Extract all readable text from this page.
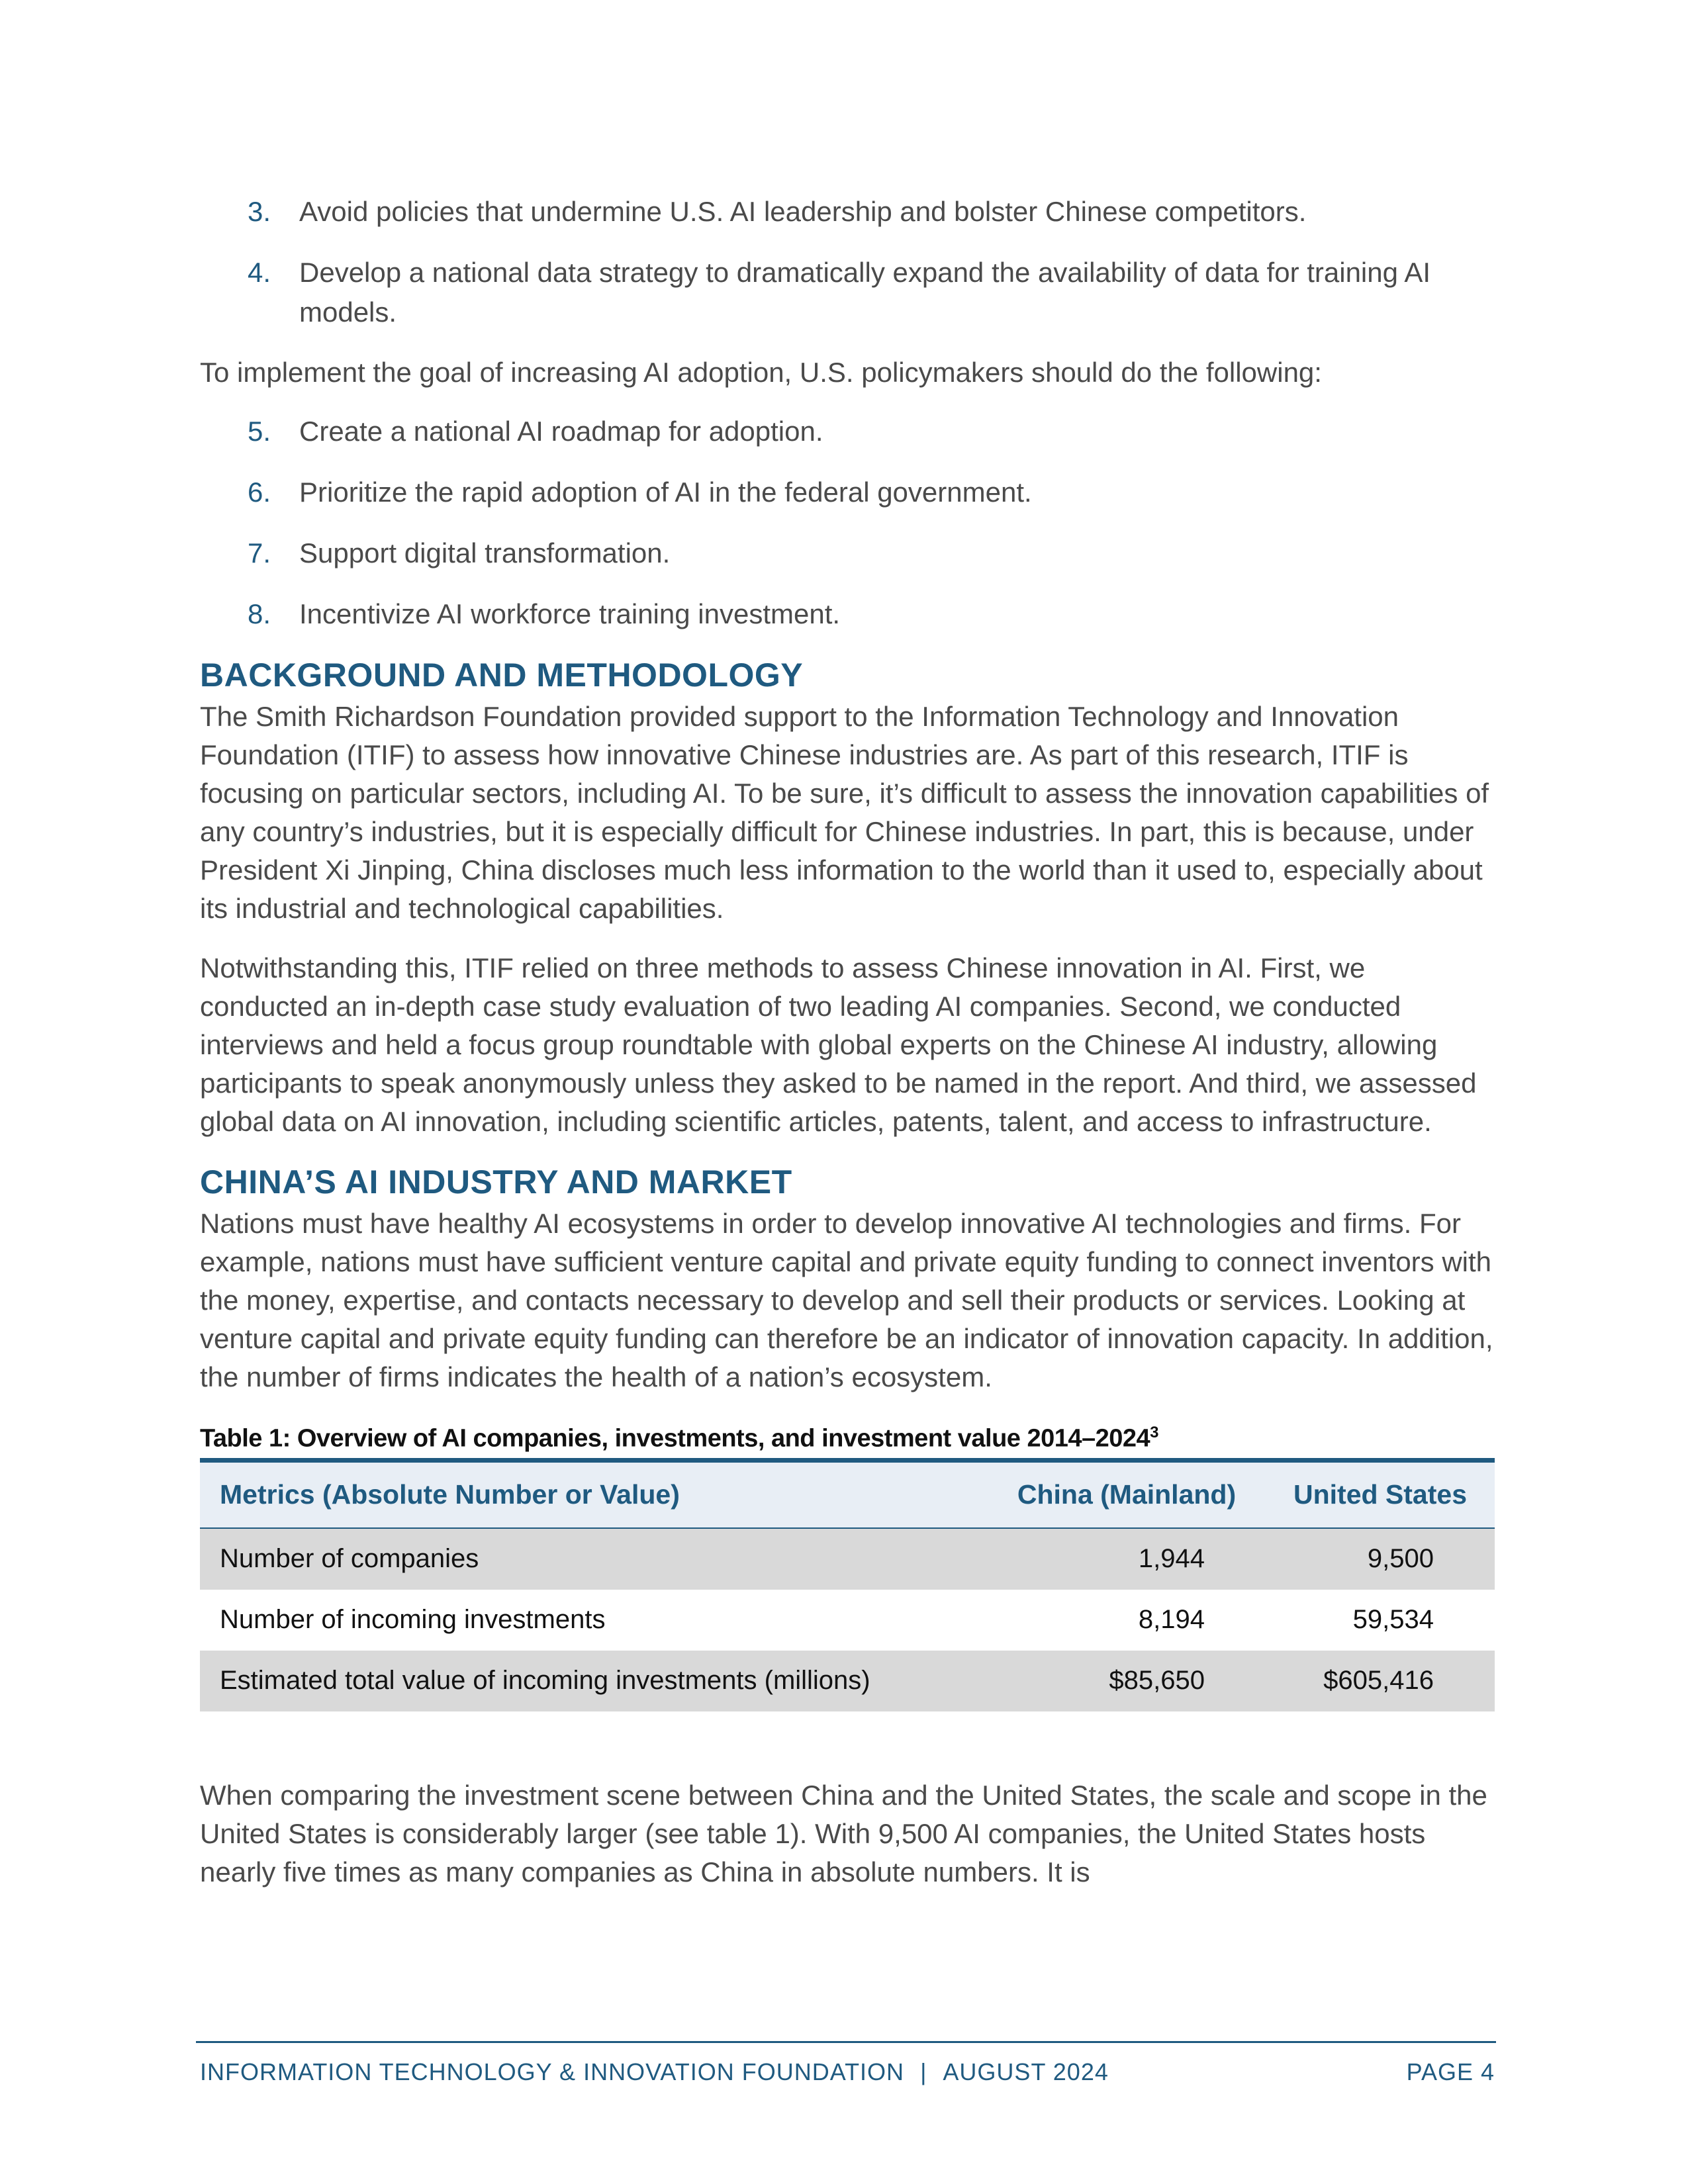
3. Avoid policies that undermine U.S. AI leadership and bolster Chinese competitors.
4. Develop a national data strategy to dramatically expand the availability of data for training AI models.

To implement the goal of increasing AI adoption, U.S. policymakers should do the following:

5. Create a national AI roadmap for adoption.
6. Prioritize the rapid adoption of AI in the federal government.
7. Support digital transformation.
8. Incentivize AI workforce training investment.
BACKGROUND AND METHODOLOGY

The Smith Richardson Foundation provided support to the Information Technology and Innovation Foundation (ITIF) to assess how innovative Chinese industries are. As part of this research, ITIF is focusing on particular sectors, including AI. To be sure, it’s difficult to assess the innovation capabilities of any country’s industries, but it is especially difficult for Chinese industries. In part, this is because, under President Xi Jinping, China discloses much less information to the world than it used to, especially about its industrial and technological capabilities.

Notwithstanding this, ITIF relied on three methods to assess Chinese innovation in AI. First, we conducted an in-depth case study evaluation of two leading AI companies. Second, we conducted interviews and held a focus group roundtable with global experts on the Chinese AI industry, allowing participants to speak anonymously unless they asked to be named in the report. And third, we assessed global data on AI innovation, including scientific articles, patents, talent, and access to infrastructure.

CHINA’S AI INDUSTRY AND MARKET

Nations must have healthy AI ecosystems in order to develop innovative AI technologies and firms. For example, nations must have sufficient venture capital and private equity funding to connect inventors with the money, expertise, and contacts necessary to develop and sell their products or services. Looking at venture capital and private equity funding can therefore be an indicator of innovation capacity. In addition, the number of firms indicates the health of a nation’s ecosystem.

Table 1: Overview of AI companies, investments, and investment value 2014–2024$^3$
Metrics (Absolute Number or Value)	China (Mainland)	United States
Number of companies	1,944	9,500
Number of incoming investments	8,194	59,534
Estimated total value of incoming investments (millions)	$85,650	$605,416

When comparing the investment scene between China and the United States, the scale and scope in the United States is considerably larger (see table 1). With 9,500 AI companies, the United States hosts nearly five times as many companies as China in absolute numbers. It is

INFORMATION TECHNOLOGY & INNOVATION FOUNDATION | AUGUST 2024	PAGE 4
